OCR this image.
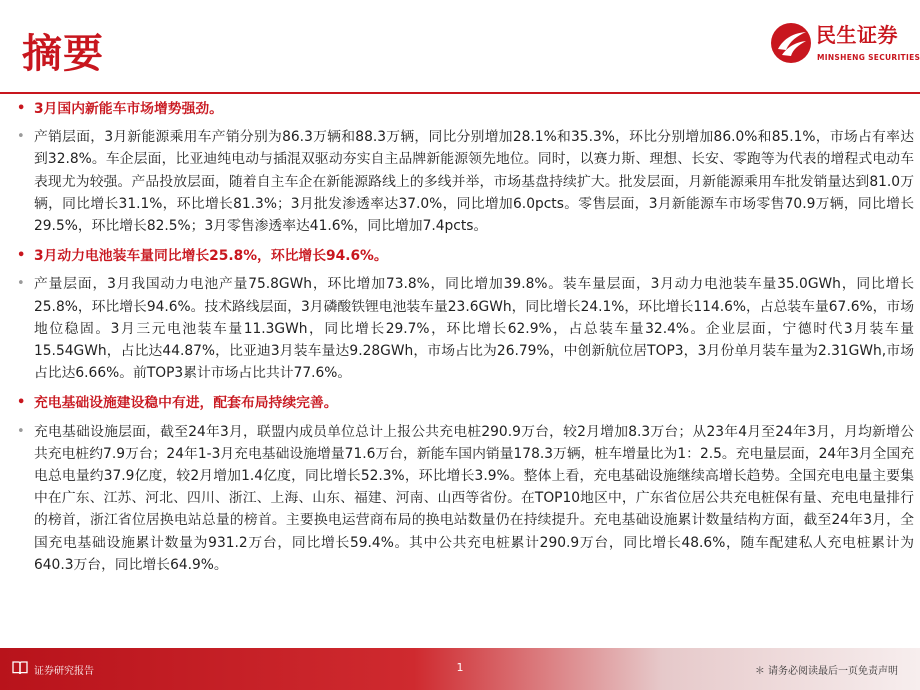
摘要	民生证券
MINSHENG SECURITIES
• 3月国内新能车市场增势强劲。
• 产销层面，3月新能源乘用车产销分别为86.3万辆和88.3万辆，同比分别增加28.1%和35.3%，环比分别增加86.0%和85.1%，市场占有率达到32.8%。车企层面，比亚迪纯电动与插混双驱动夯实自主品牌新能源领先地位。同时，以赛力斯、理想、长安、零跑等为代表的增程式电动车表现尤为较强。产品投放层面，随着自主车企在新能源路线上的多线并举，市场基盘持续扩大。批发层面，月新能源乘用车批发销量达到81.0万辆，同比增长31.1%，环比增长81.3%；3月批发渗透率达37.0%，同比增加6.0pcts。零售层面，3月新能源车市场零售70.9万辆，同比增长29.5%，环比增长82.5%；3月零售渗透率达41.6%，同比增加7.4pcts。
• 3月动力电池装车量同比增长25.8%，环比增长94.6%。
• 产量层面，3月我国动力电池产量75.8GWh，环比增加73.8%，同比增加39.8%。装车量层面，3月动力电池装车量35.0GWh，同比增长25.8%，环比增长94.6%。技术路线层面，3月磷酸铁锂电池装车量23.6GWh，同比增长24.1%，环比增长114.6%，占总装车量67.6%，市场地位稳固。3月三元电池装车量11.3GWh，同比增长29.7%，环比增长62.9%，占总装车量32.4%。企业层面，宁德时代3月装车量15.54GWh，占比达44.87%，比亚迪3月装车量达9.28GWh，市场占比为26.79%，中创新航位居TOP3，3月份单月装车量为2.31GWh,市场占比达6.66%。前TOP3累计市场占比共计77.6%。
• 充电基础设施建设稳中有进，配套布局持续完善。
• 充电基础设施层面，截至24年3月，联盟内成员单位总计上报公共充电桩290.9万台，较2月增加8.3万台；从23年4月至24年3月，月均新增公共充电桩约7.9万台；24年1-3月充电基础设施增量71.6万台，新能车国内销量178.3万辆，桩车增量比为1：2.5。充电量层面，24年3月全国充电总电量约37.9亿度，较2月增加1.4亿度，同比增长52.3%，环比增长3.9%。整体上看，充电基础设施继续高增长趋势。全国充电电量主要集中在广东、江苏、河北、四川、浙江、上海、山东、福建、河南、山西等省份。在TOP10地区中，广东省位居公共充电桩保有量、充电电量排行的榜首，浙江省位居换电站总量的榜首。主要换电运营商布局的换电站数量仍在持续提升。充电基础设施累计数量结构方面，截至24年3月，全国充电基础设施累计数量为931.2万台，同比增长59.4%。其中公共充电桩累计290.9万台，同比增长48.6%，随车配建私人充电桩累计为640.3万台，同比增长64.9%。
证券研究报告	1	＊ 请务必阅读最后一页免责声明
